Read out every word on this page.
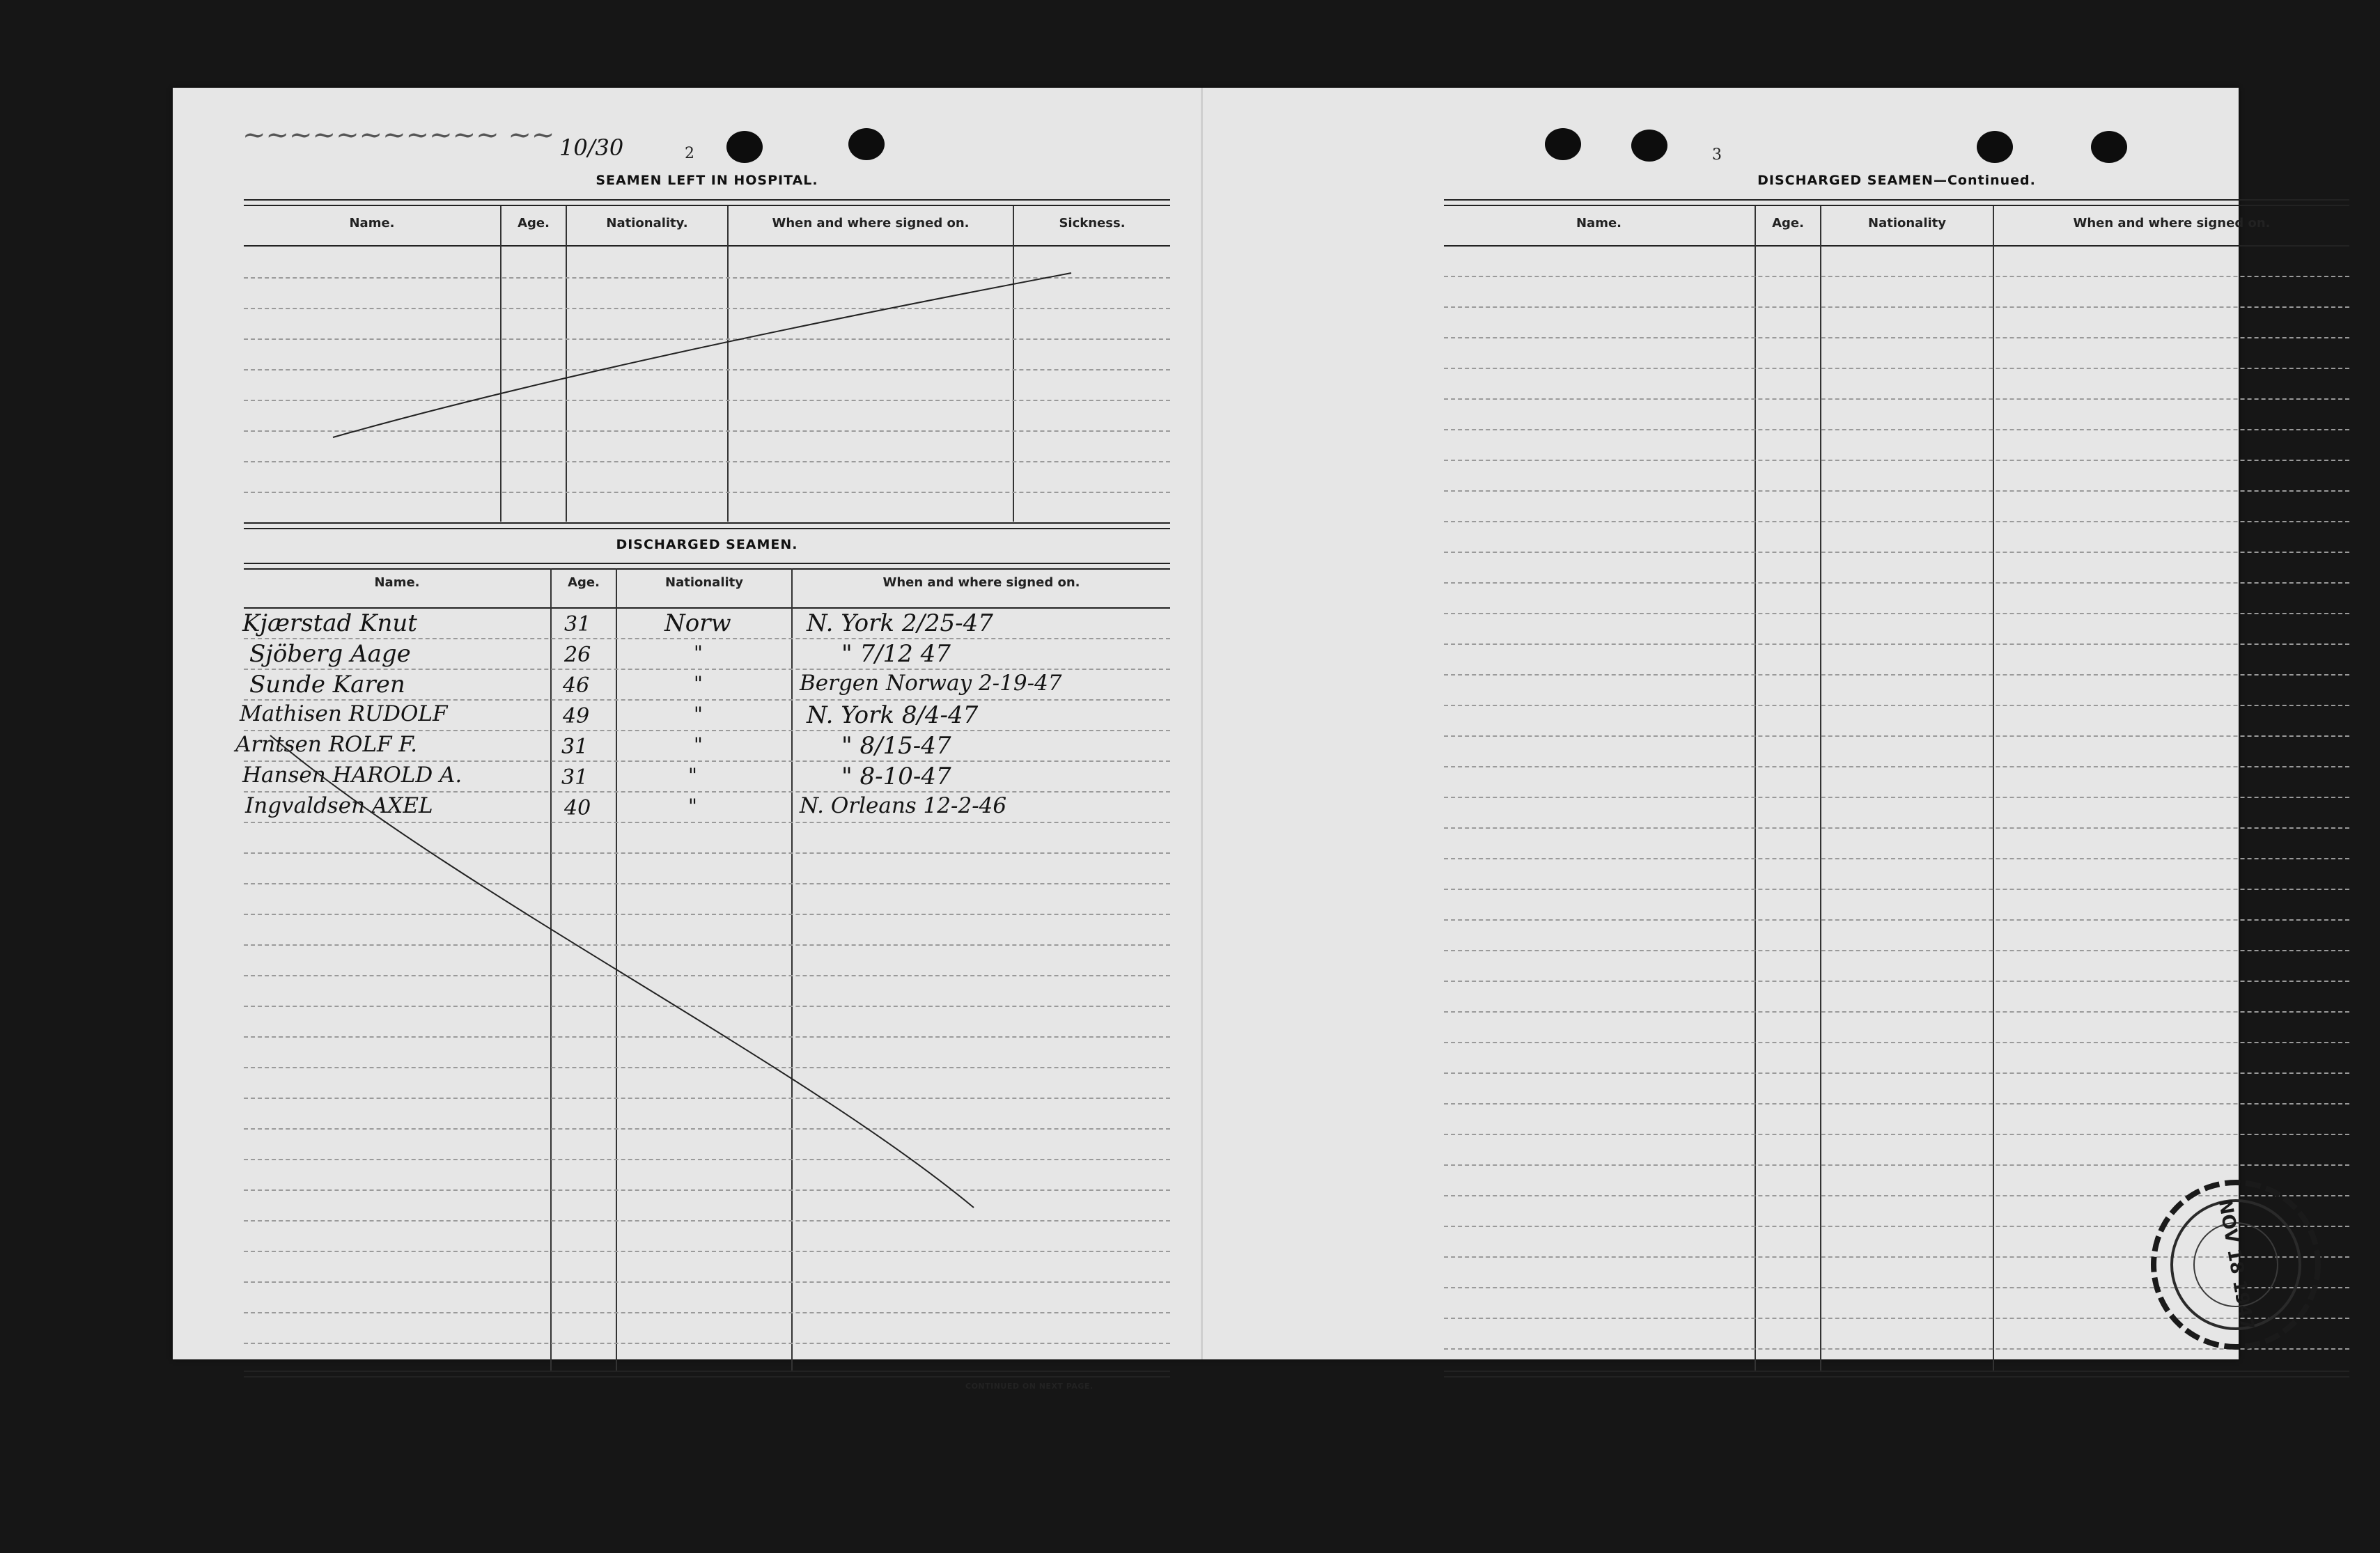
~~~~~~~~~~~ ~~ 10/30	2
SEAMEN LEFT IN HOSPITAL.
Name.	Age.	Nationality.	When and where signed on.	Sickness.
DISCHARGED SEAMEN.
Name.	Age.	Nationality	When and where signed on.
Kjærstad Knut	31	Norw	N. York 2/25-47
Sjöberg Aage	26	"	" 7/12 47
Sunde Karen	46	"	Bergen Norway 2-19-47
Mathisen RUDOLF	49	"	N. York 8/4-47
Arntsen ROLF F.	31	"	" 8/15-47
Hansen HAROLD A.	31	"	" 8-10-47
Ingvaldsen AXEL	40	"	N. Orleans 12-2-46
CONTINUED ON NEXT PAGE.
3
DISCHARGED SEAMEN—Continued.
Name.	Age.	Nationality	When and where signed on.
NOV 18 1947
